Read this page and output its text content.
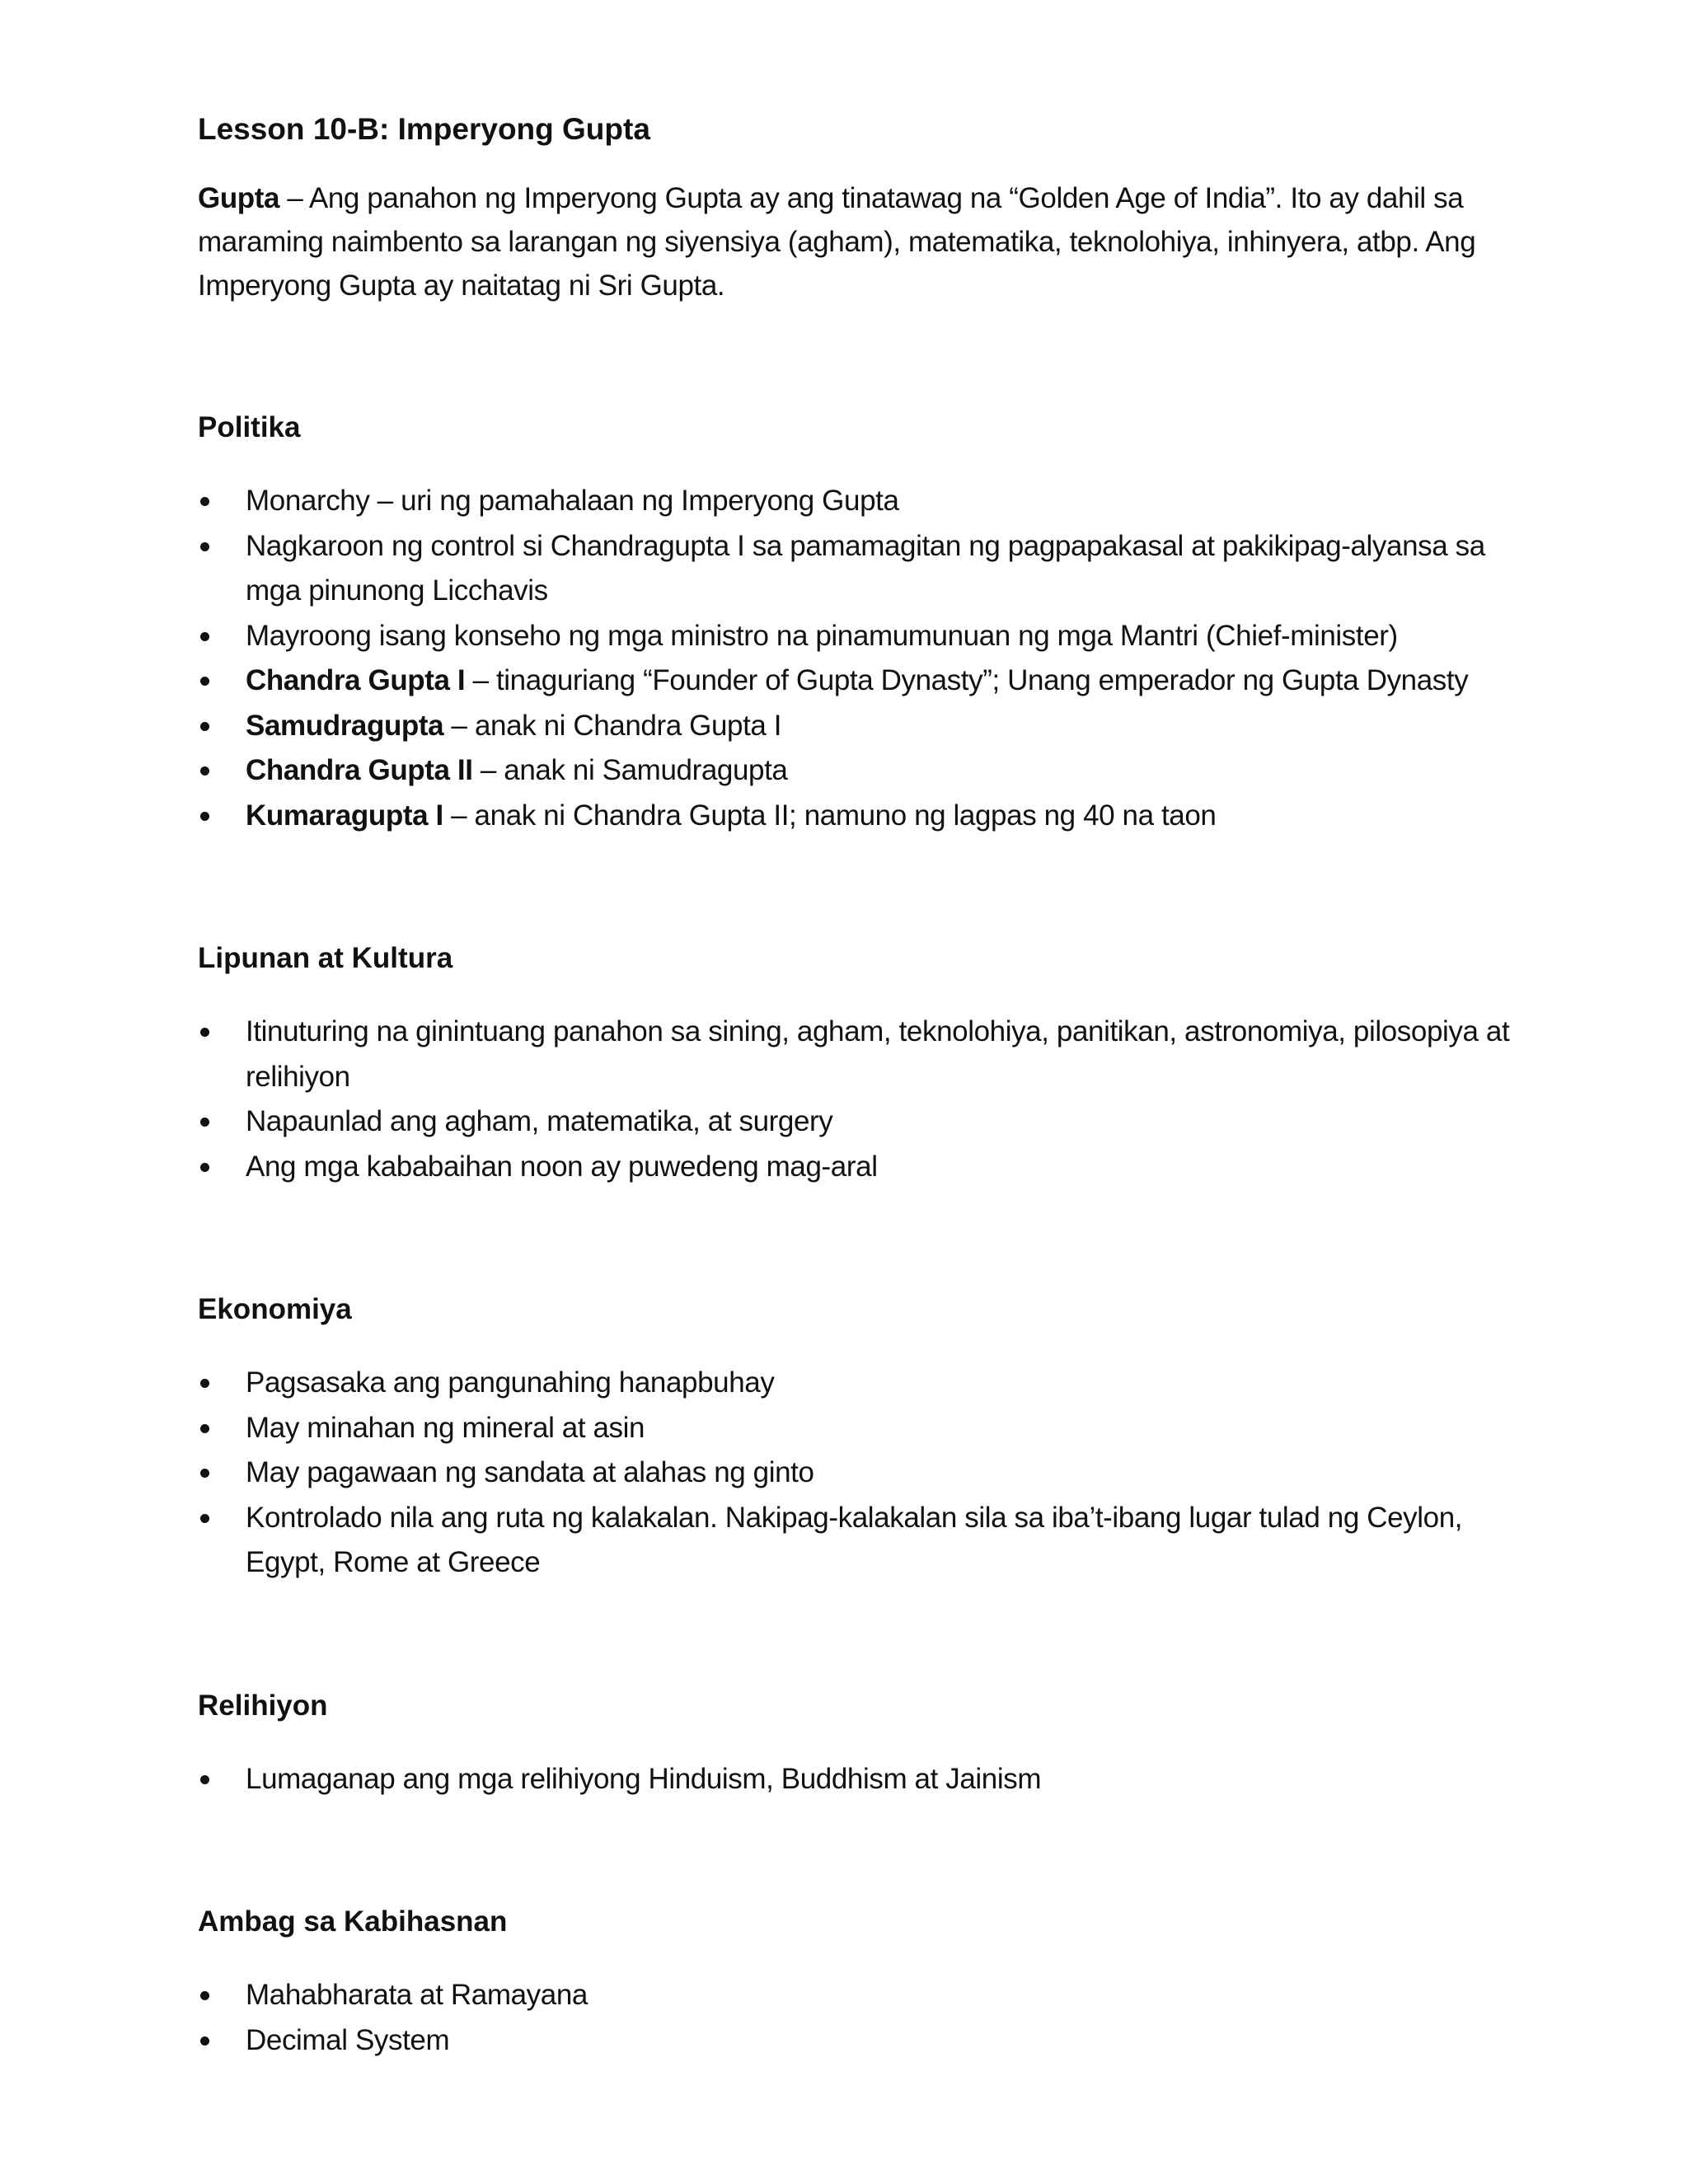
Lesson 10-B: Imperyong Gupta

Gupta – Ang panahon ng Imperyong Gupta ay ang tinatawag na “Golden Age of India”. Ito ay dahil sa maraming naimbento sa larangan ng siyensiya (agham), matematika, teknolohiya, inhinyera, atbp. Ang Imperyong Gupta ay naitatag ni Sri Gupta.

Politika
Monarchy – uri ng pamahalaan ng Imperyong Gupta
Nagkaroon ng control si Chandragupta I sa pamamagitan ng pagpapakasal at pakikipag-alyansa sa mga pinunong Licchavis
Mayroong isang konseho ng mga ministro na pinamumunuan ng mga Mantri (Chief-minister)
Chandra Gupta I – tinaguriang “Founder of Gupta Dynasty”; Unang emperador ng Gupta Dynasty
Samudragupta – anak ni Chandra Gupta I
Chandra Gupta II – anak ni Samudragupta
Kumaragupta I – anak ni Chandra Gupta II; namuno ng lagpas ng 40 na taon
Lipunan at Kultura
Itinuturing na ginintuang panahon sa sining, agham, teknolohiya, panitikan, astronomiya, pilosopiya at relihiyon
Napaunlad ang agham, matematika, at surgery
Ang mga kababaihan noon ay puwedeng mag-aral
Ekonomiya
Pagsasaka ang pangunahing hanapbuhay
May minahan ng mineral at asin
May pagawaan ng sandata at alahas ng ginto
Kontrolado nila ang ruta ng kalakalan. Nakipag-kalakalan sila sa iba’t-ibang lugar tulad ng Ceylon, Egypt, Rome at Greece
Relihiyon
Lumaganap ang mga relihiyong Hinduism, Buddhism at Jainism
Ambag sa Kabihasnan
Mahabharata at Ramayana
Decimal System
